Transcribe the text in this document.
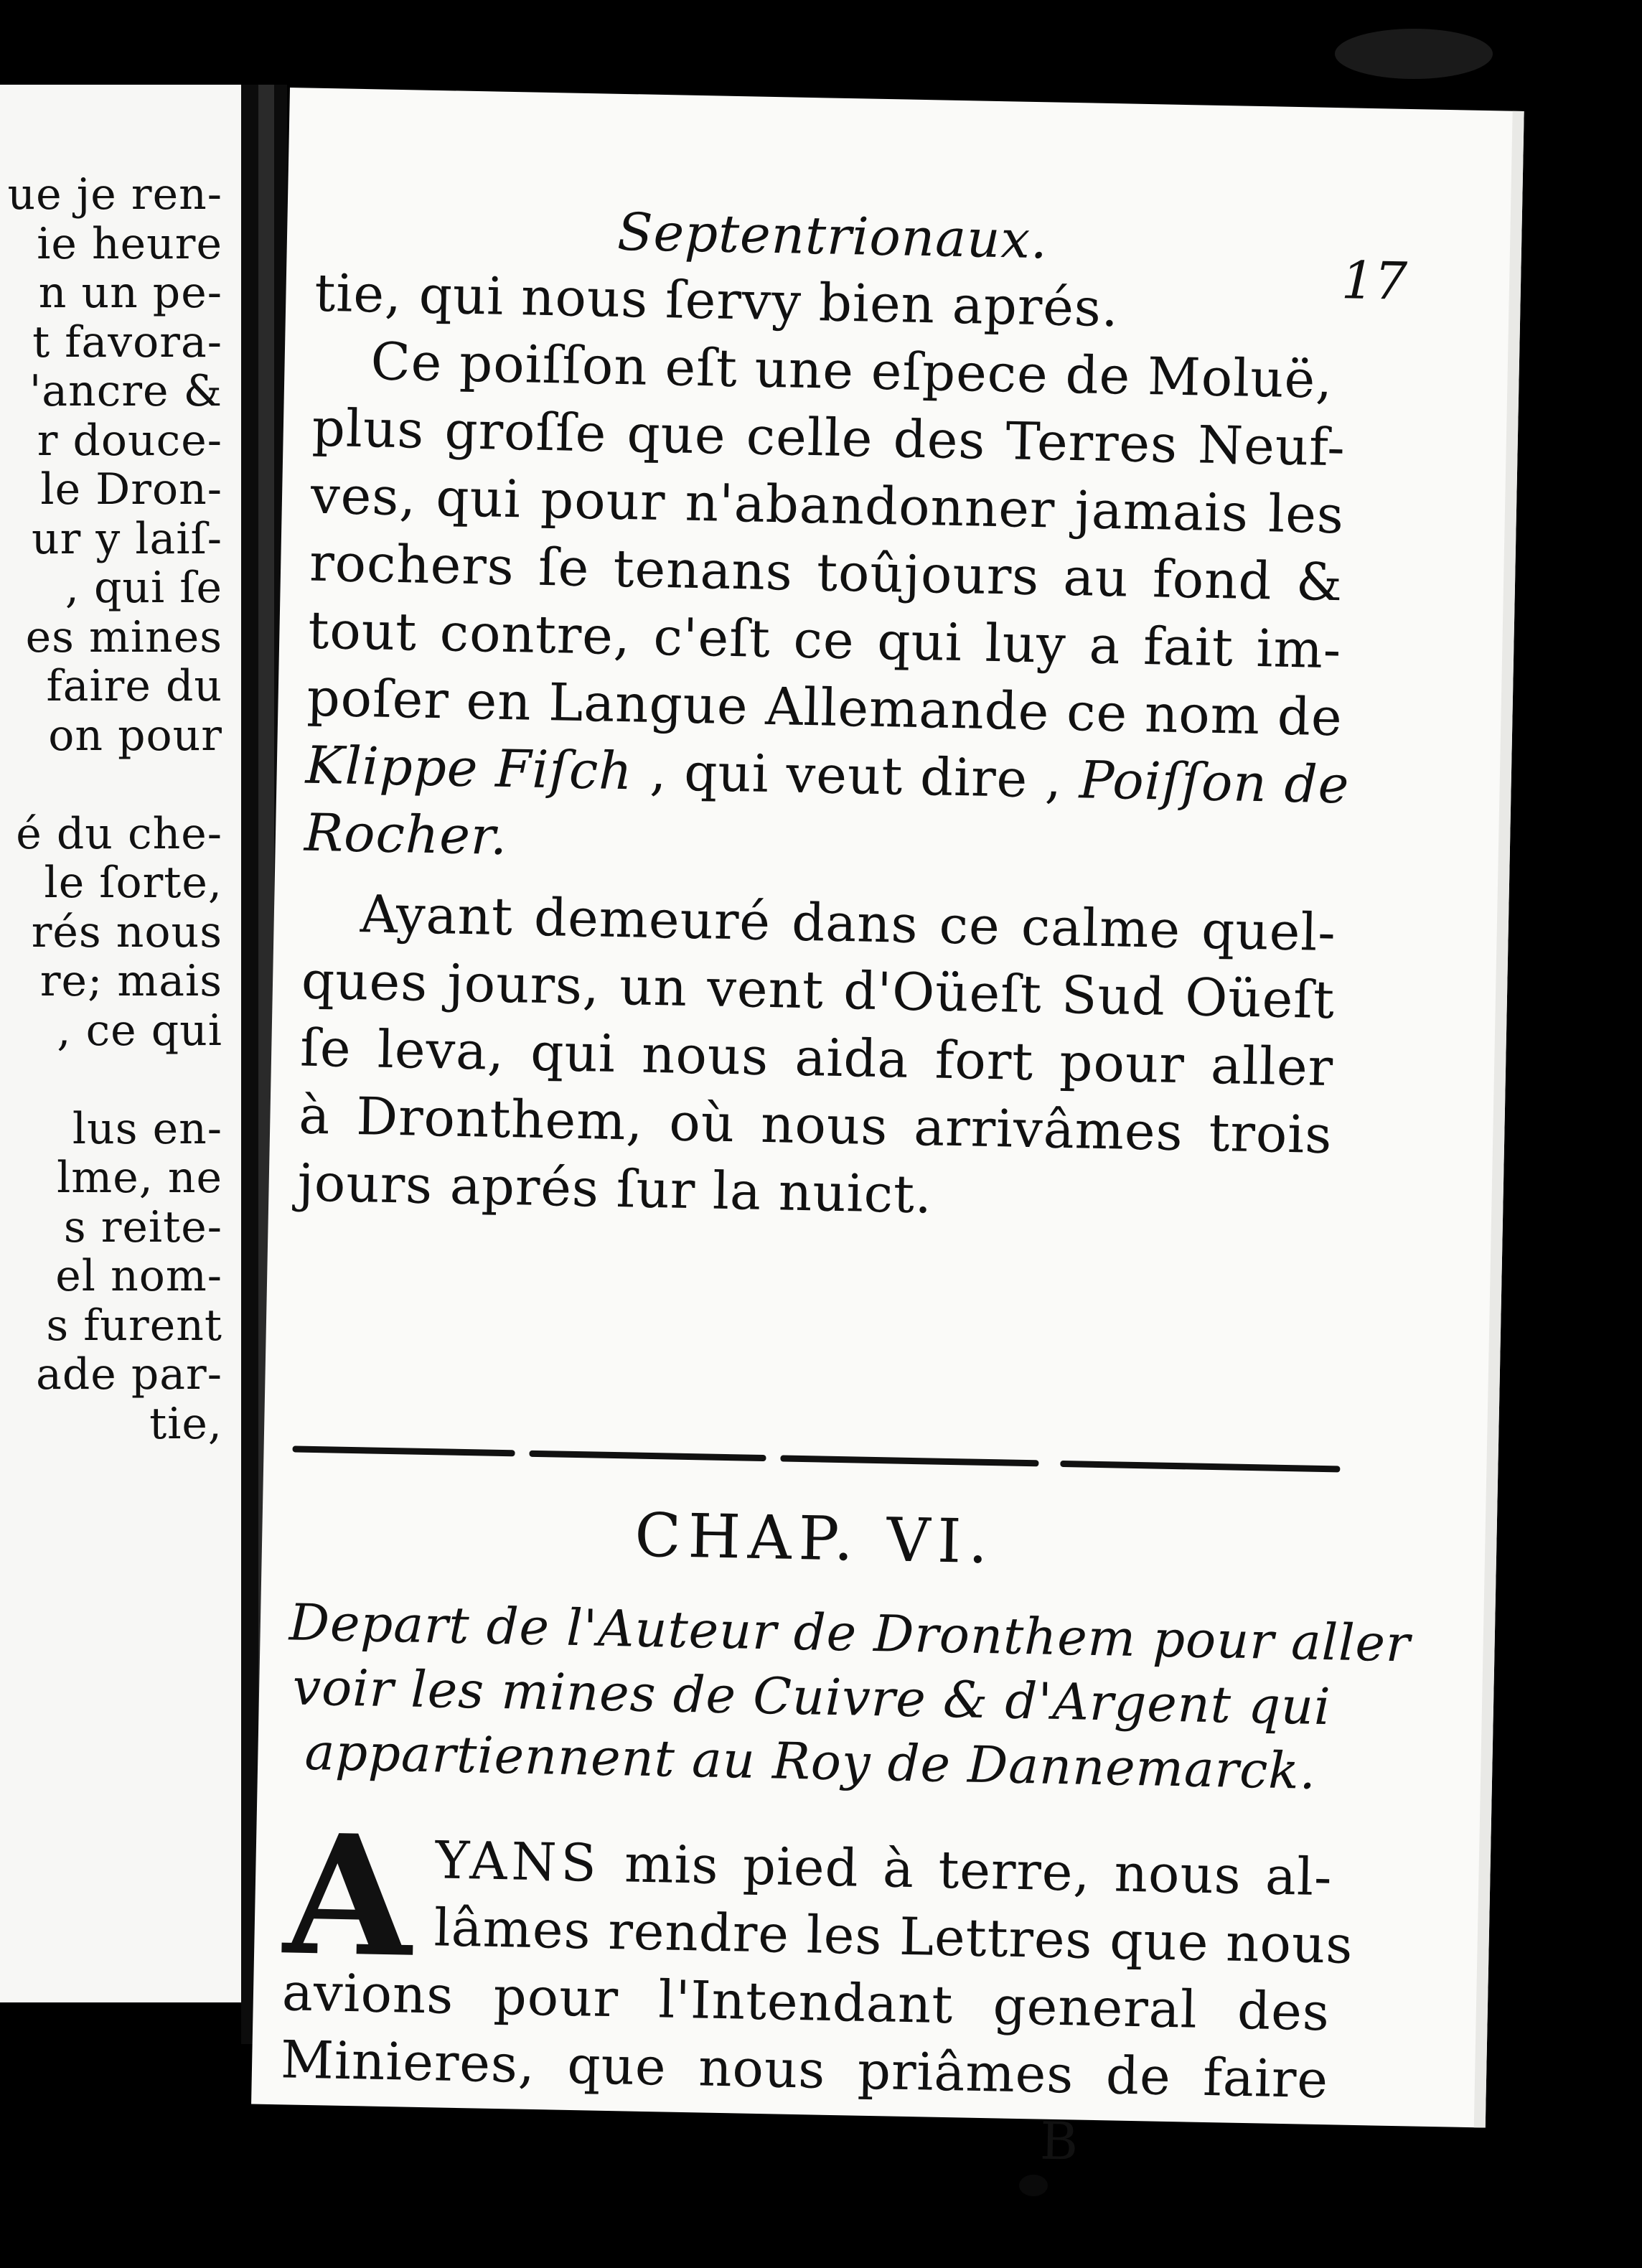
ue je ren-
ie heure
n un pe-
t favora-
'ancre &
r douce-
le Dron-
ur y laiſ-
, qui ſe
es mines
faire du
on pour
é du che-
le ſorte,
rés nous
re; mais
, ce qui
lus en-
lme, ne
s reite-
el nom-
s furent
ade par-
tie,
Septentrionaux.
17
tie, qui nous ſervy bien aprés.
Ce poiſſon eſt une eſpece de Moluë,
plus groſſe que celle des Terres Neuf-
ves, qui pour n'abandonner jamais les
rochers ſe tenans toûjours au fond &
tout contre, c'eſt ce qui luy a fait im-
poſer en Langue Allemande ce nom de
Klippe Fiſch , qui veut dire , Poiſſon de
Rocher.
Ayant demeuré dans ce calme quel-
ques jours, un vent d'Oüeſt Sud Oüeſt
ſe leva, qui nous aida fort pour aller
à Dronthem, où nous arrivâmes trois
jours aprés ſur la nuict.
CHAP. VI.
Depart de l'Auteur de Dronthem pour aller
voir les mines de Cuivre & d'Argent qui
appartiennent au Roy de Dannemarck.
A YANS mis pied à terre, nous al-
lâmes rendre les Lettres que nous
avions pour l'Intendant general des
Minieres, que nous priâmes de faire
B
